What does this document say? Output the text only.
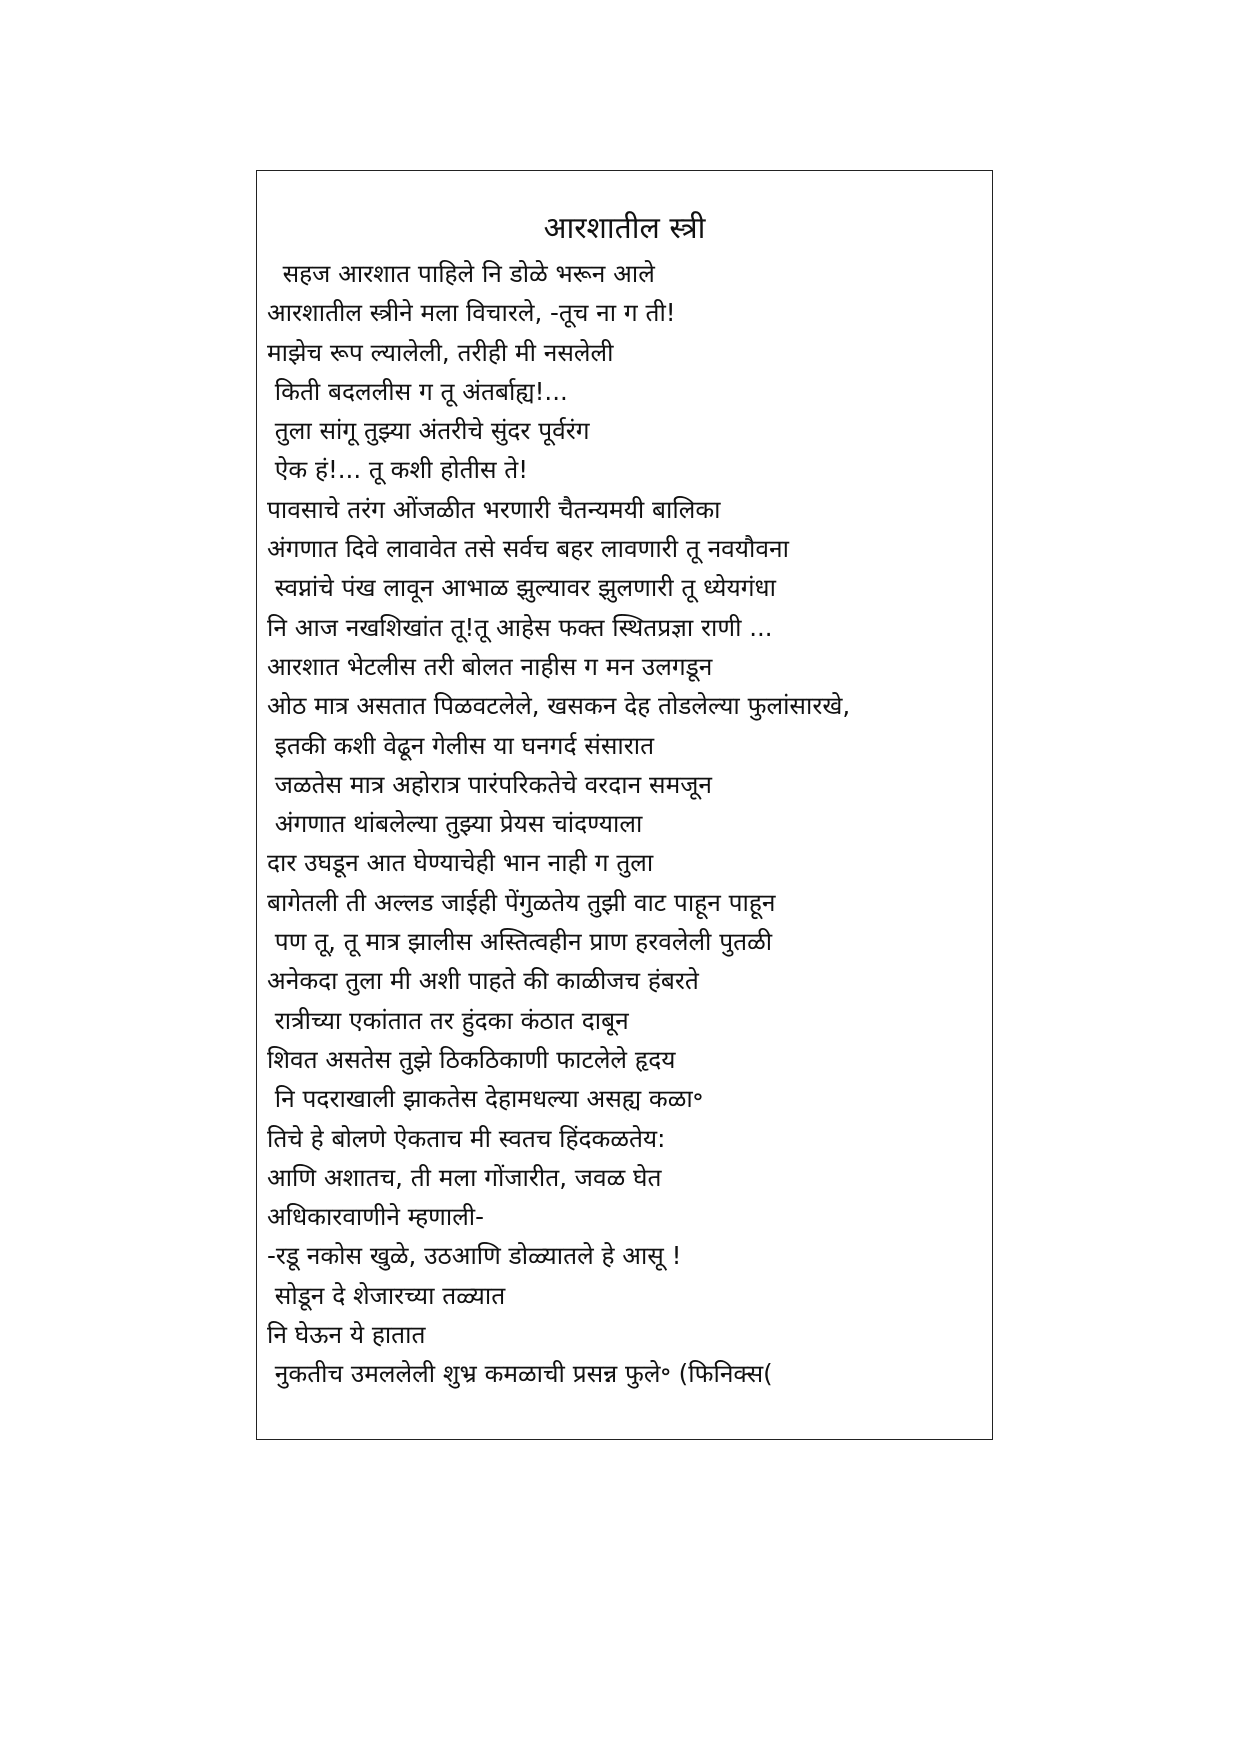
आरशातील स्त्री
सहज आरशात पाहिले नि डोळे भरून आले
आरशातील स्त्रीने मला विचारले, -तूच ना ग ती!
माझेच रूप ल्यालेली, तरीही मी नसलेली
किती बदललीस ग तू अंतर्बाह्य!...
तुला सांगू तुझ्या अंतरीचे सुंदर पूर्वरंग
ऐक हं!... तू कशी होतीस ते!
पावसाचे तरंग ओंजळीत भरणारी चैतन्यमयी बालिका
अंगणात दिवे लावावेत तसे सर्वच बहर लावणारी तू नवयौवना
स्वप्नांचे पंख लावून आभाळ झुल्यावर झुलणारी तू ध्येयगंधा
नि आज नखशिखांत तू!तू आहेस फक्त स्थितप्रज्ञा राणी ...
आरशात भेटलीस तरी बोलत नाहीस ग मन उलगडून
ओठ मात्र असतात पिळवटलेले, खसकन देह तोडलेल्या फुलांसारखे,
इतकी कशी वेढून गेलीस या घनगर्द संसारात
जळतेस मात्र अहोरात्र पारंपरिकतेचे वरदान समजून
अंगणात थांबलेल्या तुझ्या प्रेयस चांदण्याला
दार उघडून आत घेण्याचेही भान नाही ग तुला
बागेतली ती अल्लड जाईही पेंगुळतेय तुझी वाट पाहून पाहून
पण तू, तू मात्र झालीस अस्तित्वहीन प्राण हरवलेली पुतळी
अनेकदा तुला मी अशी पाहते की काळीजच हंबरते
रात्रीच्या एकांतात तर हुंदका कंठात दाबून
शिवत असतेस तुझे ठिकठिकाणी फाटलेले हृदय
नि पदराखाली झाकतेस देहामधल्या असह्य कळा॰
तिचे हे बोलणे ऐकताच मी स्वतच हिंदकळतेय:
आणि अशातच, ती मला गोंजारीत, जवळ घेत
अधिकारवाणीने म्हणाली-
-रडू नकोस खुळे, उठआणि डोळ्यातले हे आसू !
सोडून दे शेजारच्या तळ्यात
नि घेऊन ये हातात
नुकतीच उमललेली शुभ्र कमळाची प्रसन्न फुले॰ (फिनिक्स(
